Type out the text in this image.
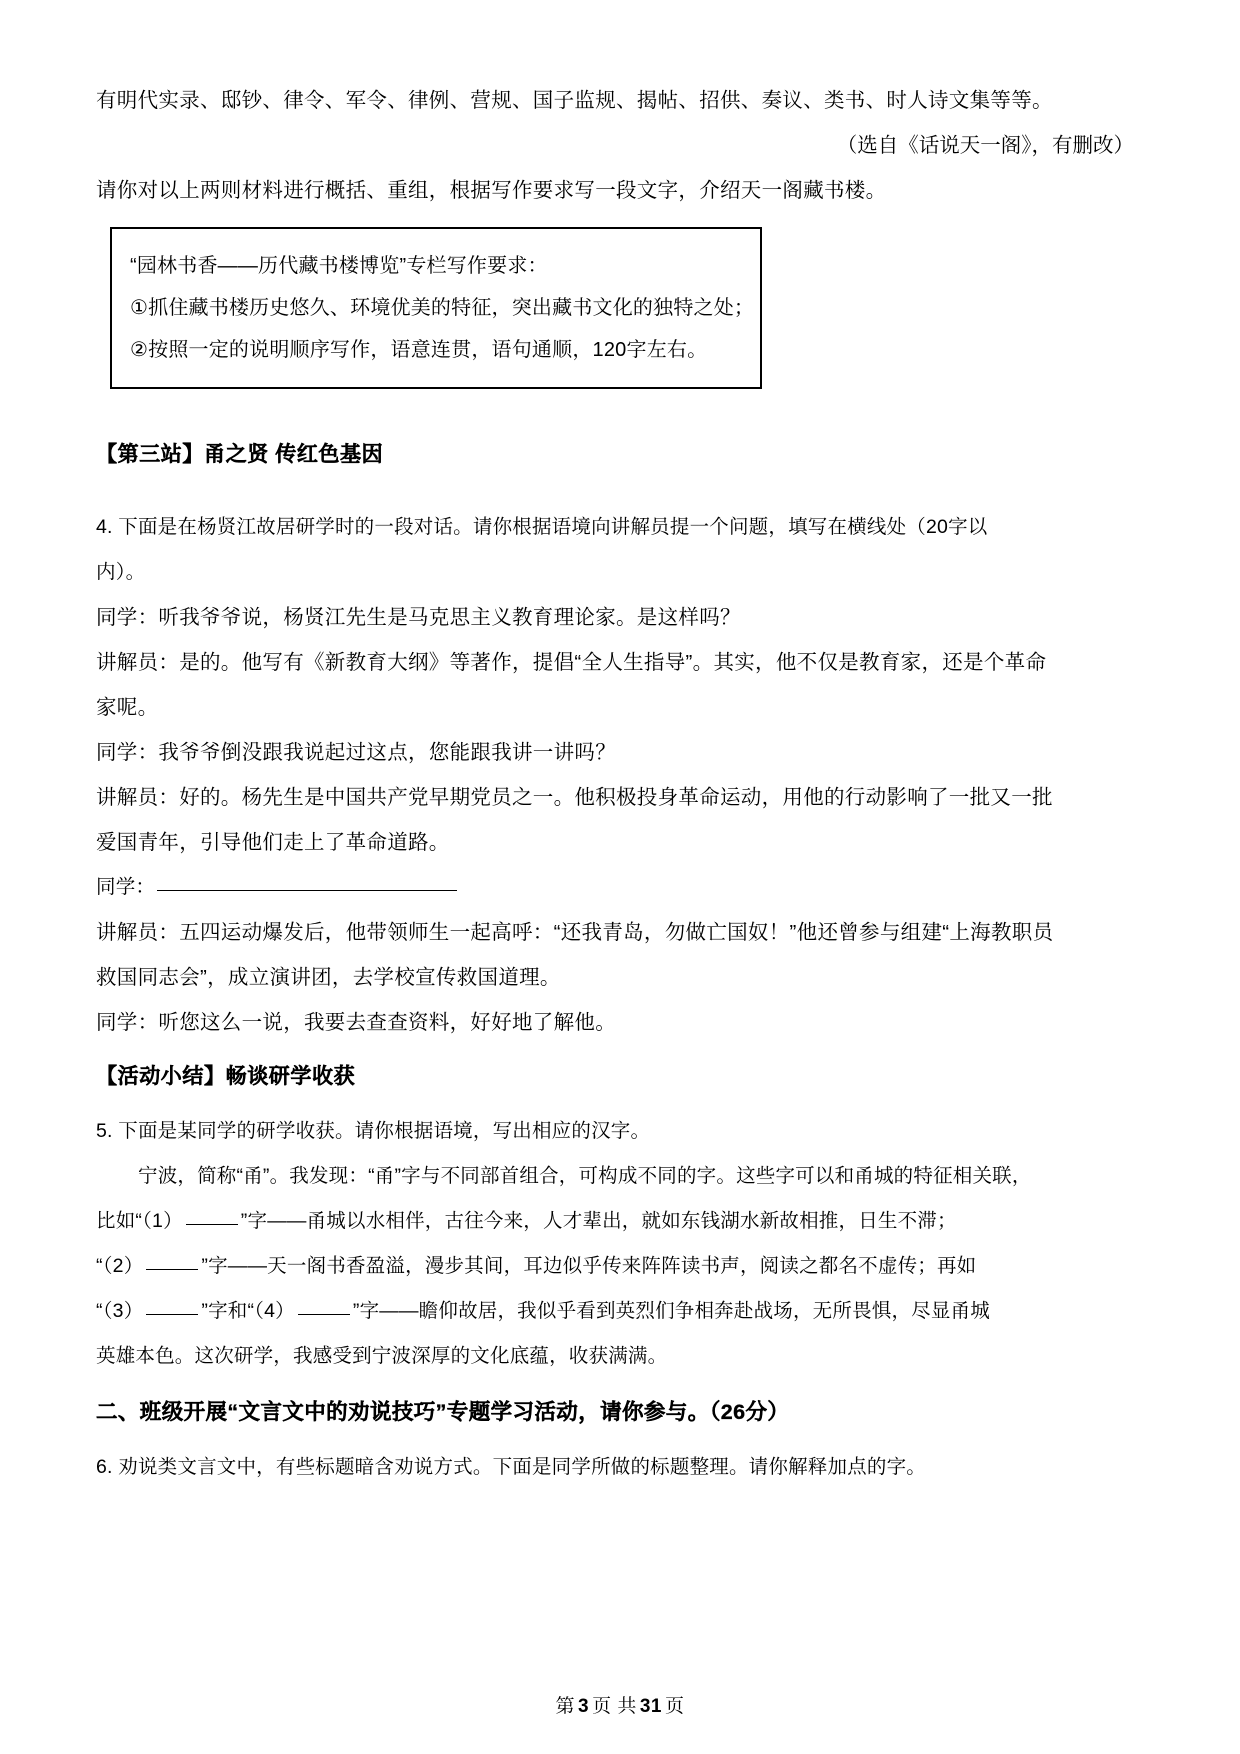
有明代实录、邸钞、律令、军令、律例、营规、国子监规、揭帖、招供、奏议、类书、时人诗文集等等。

（选自《话说天一阁》，有删改）

请你对以上两则材料进行概括、重组，根据写作要求写一段文字，介绍天一阁藏书楼。

“园林书香——历代藏书楼博览”专栏写作要求：

①抓住藏书楼历史悠久、环境优美的特征，突出藏书文化的独特之处；

②按照一定的说明顺序写作，语意连贯，语句通顺，120字左右。

【第三站】甬之贤 传红色基因

4. 下面是在杨贤江故居研学时的一段对话。请你根据语境向讲解员提一个问题，填写在横线处（20字以

内）。

同学：听我爷爷说，杨贤江先生是马克思主义教育理论家。是这样吗？

讲解员：是的。他写有《新教育大纲》等著作，提倡“全人生指导”。其实，他不仅是教育家，还是个革命

家呢。

同学：我爷爷倒没跟我说起过这点，您能跟我讲一讲吗？

讲解员：好的。杨先生是中国共产党早期党员之一。他积极投身革命运动，用他的行动影响了一批又一批

爱国青年，引导他们走上了革命道路。

同学：

讲解员：五四运动爆发后，他带领师生一起高呼：“还我青岛，勿做亡国奴！”他还曾参与组建“上海教职员

救国同志会”，成立演讲团，去学校宣传救国道理。

同学：听您这么一说，我要去查查资料，好好地了解他。

【活动小结】畅谈研学收获

5. 下面是某同学的研学收获。请你根据语境，写出相应的汉字。

宁波，简称“甬”。我发现：“甬”字与不同部首组合，可构成不同的字。这些字可以和甬城的特征相关联，

比如“（1）	”字——甬城以水相伴，古往今来，人才辈出，就如东钱湖水新故相推，日生不滞；

“（2）	”字——天一阁书香盈溢，漫步其间，耳边似乎传来阵阵读书声，阅读之都名不虚传；再如

“（3）	”字和“（4）	”字——瞻仰故居，我似乎看到英烈们争相奔赴战场，无所畏惧，尽显甬城

英雄本色。这次研学，我感受到宁波深厚的文化底蕴，收获满满。

二、班级开展“文言文中的劝说技巧”专题学习活动，请你参与。（26分）

6. 劝说类文言文中，有些标题暗含劝说方式。下面是同学所做的标题整理。请你解释加点的字。

第 3 页 共 31 页
